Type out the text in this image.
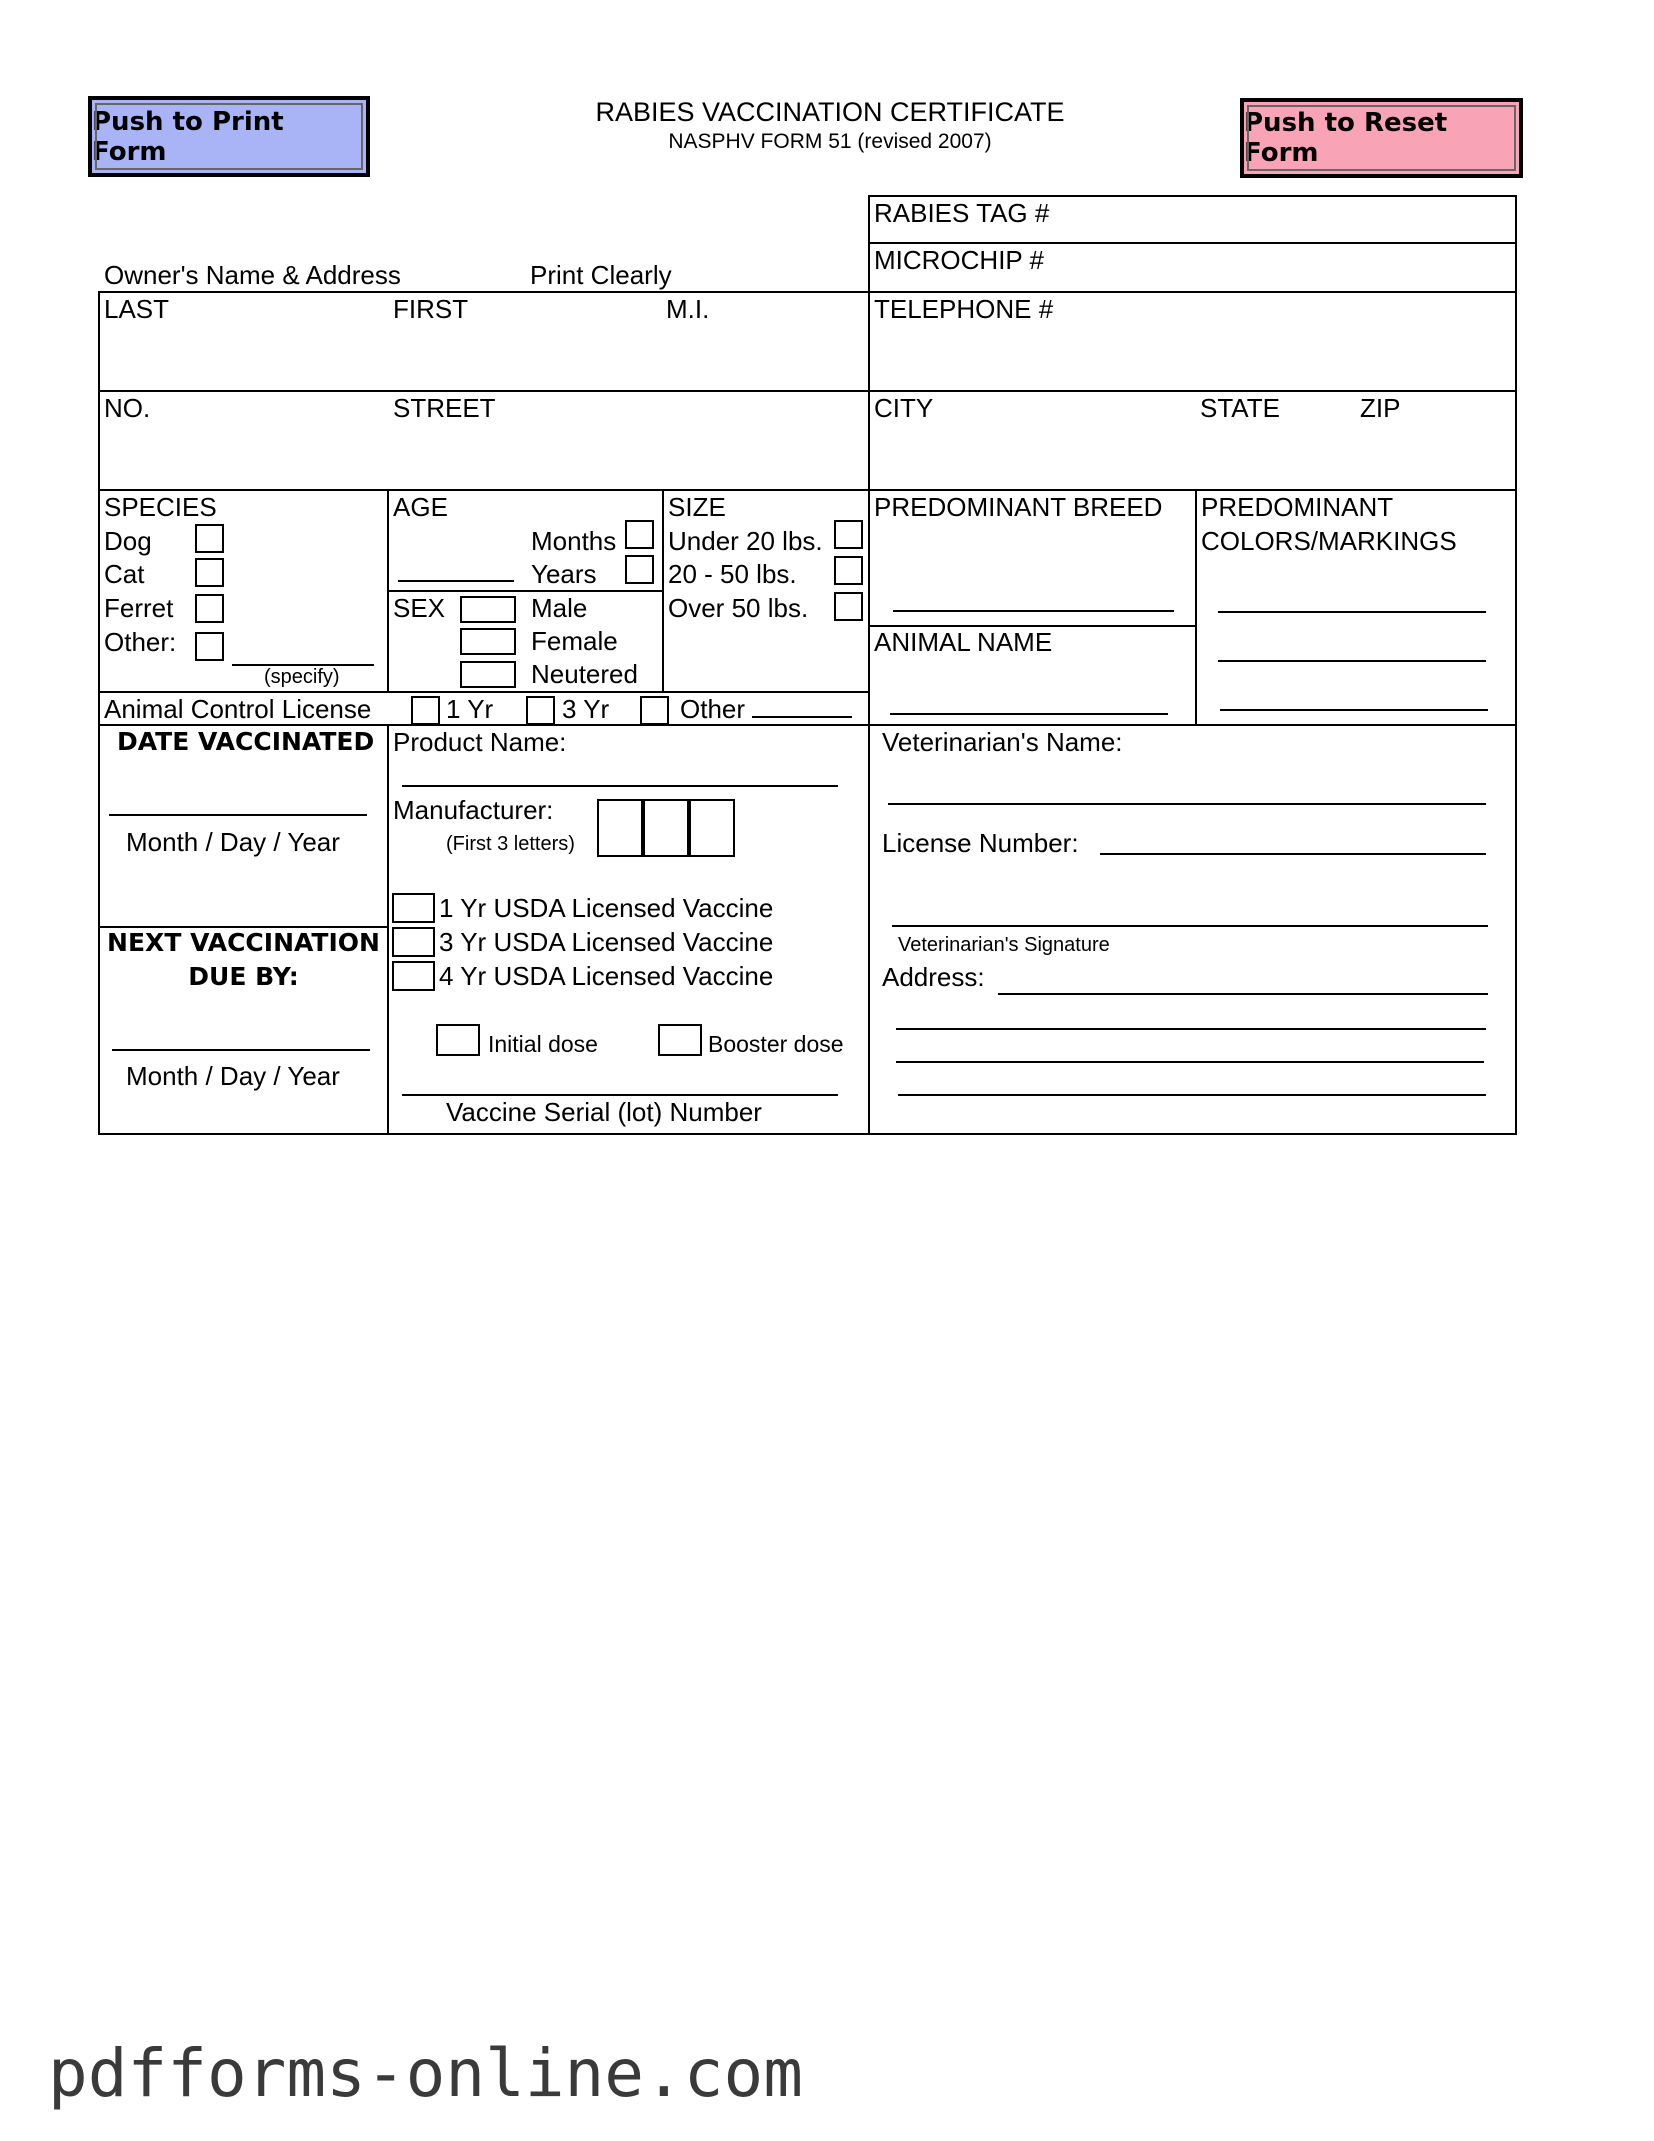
Push to Print Form
Push to Reset Form
RABIES VACCINATION CERTIFICATE
NASPHV FORM 51 (revised 2007)
RABIES TAG #
MICROCHIP #
TELEPHONE #
Owner's Name & Address	Print Clearly
LAST	FIRST	M.I.
NO.	STREET	CITY	STATE	ZIP
SPECIES
Dog
Cat
Ferret
Other:
(specify)
AGE
Months
Years
SEX	Male
Female
Neutered
SIZE
Under 20 lbs.
20 - 50 lbs.
Over 50 lbs.
PREDOMINANT BREED
ANIMAL NAME
PREDOMINANT
COLORS/MARKINGS
Animal Control License	1 Yr	3 Yr	Other
DATE VACCINATED
Month / Day / Year
NEXT VACCINATION
DUE BY:
Month / Day / Year
Product Name:
Manufacturer:
(First 3 letters)
1 Yr USDA Licensed Vaccine
3 Yr USDA Licensed Vaccine
4 Yr USDA Licensed Vaccine
Initial dose	Booster dose
Vaccine Serial (lot) Number
Veterinarian's Name:
License Number:
Veterinarian's Signature
Address:
pdfforms-online.com
